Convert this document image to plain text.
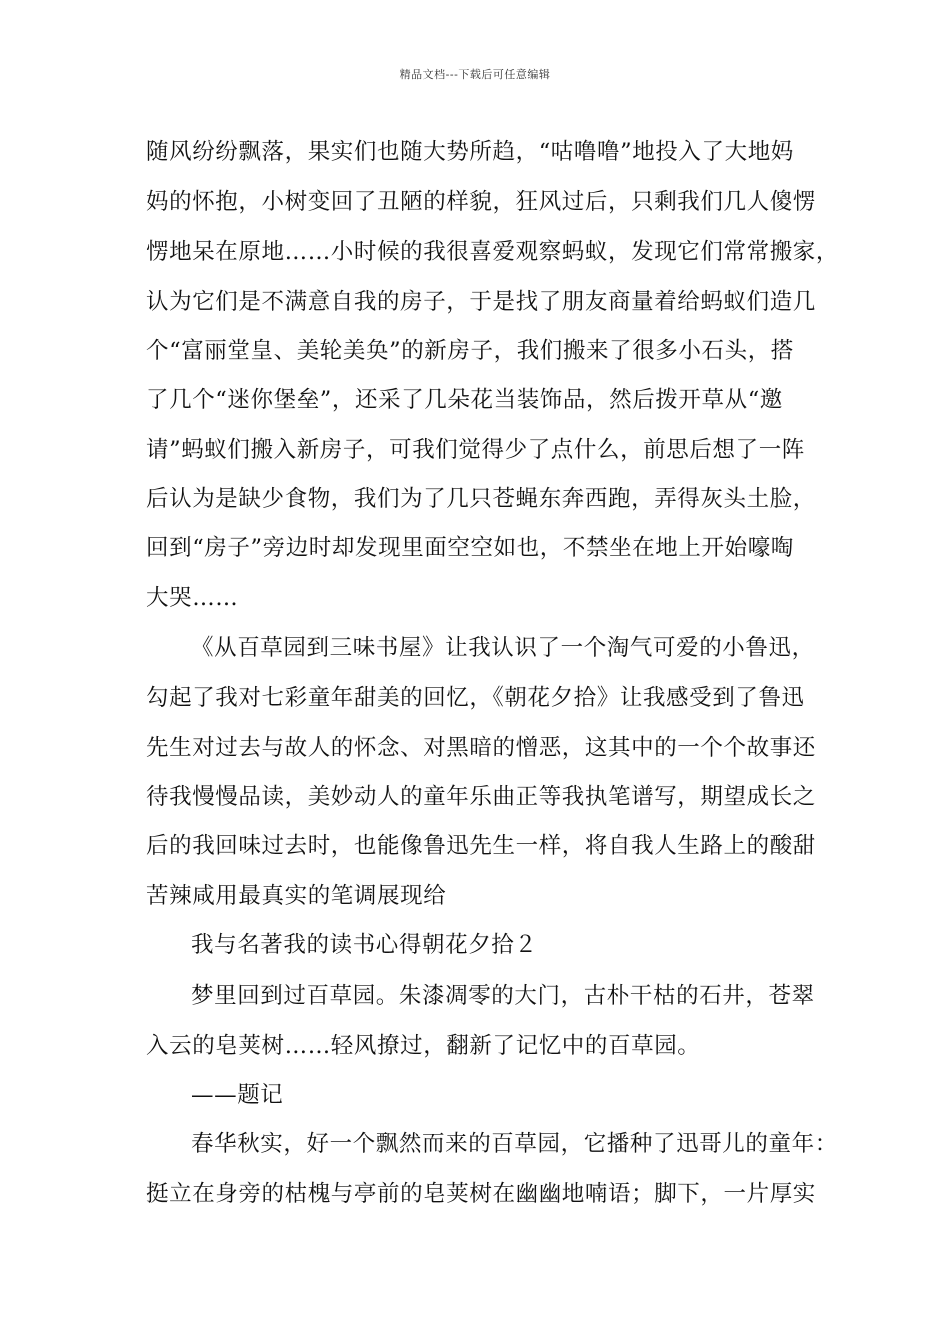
精品文档---下载后可任意编辑
随风纷纷飘落，果实们也随大势所趋，“咕噜噜”地投入了大地妈
妈的怀抱，小树变回了丑陋的样貌，狂风过后，只剩我们几人傻愣
愣地呆在原地……小时候的我很喜爱观察蚂蚁，发现它们常常搬家，
认为它们是不满意自我的房子，于是找了朋友商量着给蚂蚁们造几
个“富丽堂皇、美轮美奂”的新房子，我们搬来了很多小石头，搭
了几个“迷你堡垒”，还采了几朵花当装饰品，然后拨开草从“邀
请”蚂蚁们搬入新房子，可我们觉得少了点什么，前思后想了一阵
后认为是缺少食物，我们为了几只苍蝇东奔西跑，弄得灰头土脸，
回到“房子”旁边时却发现里面空空如也，不禁坐在地上开始嚎啕
大哭……
《从百草园到三味书屋》让我认识了一个淘气可爱的小鲁迅，
勾起了我对七彩童年甜美的回忆，《朝花夕拾》让我感受到了鲁迅
先生对过去与故人的怀念、对黑暗的憎恶，这其中的一个个故事还
待我慢慢品读，美妙动人的童年乐曲正等我执笔谱写，期望成长之
后的我回味过去时，也能像鲁迅先生一样，将自我人生路上的酸甜
苦辣咸用最真实的笔调展现给
我与名著我的读书心得朝花夕拾２
梦里回到过百草园。朱漆凋零的大门，古朴干枯的石井，苍翠
入云的皂荚树……轻风撩过，翻新了记忆中的百草园。
——题记
春华秋实，好一个飘然而来的百草园，它播种了迅哥儿的童年：
挺立在身旁的枯槐与亭前的皂荚树在幽幽地喃语；脚下，一片厚实
